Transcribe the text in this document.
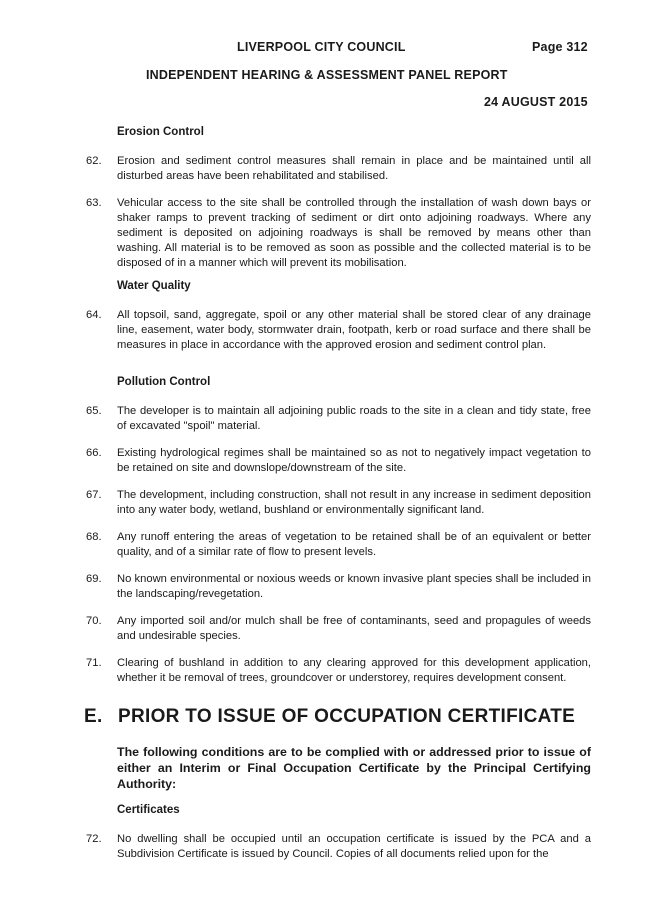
LIVERPOOL CITY COUNCIL	Page 312
INDEPENDENT HEARING & ASSESSMENT PANEL REPORT
24 AUGUST 2015
Erosion Control
62.	Erosion and sediment control measures shall remain in place and be maintained until all disturbed areas have been rehabilitated and stabilised.
63.	Vehicular access to the site shall be controlled through the installation of wash down bays or shaker ramps to prevent tracking of sediment or dirt onto adjoining roadways. Where any sediment is deposited on adjoining roadways is shall be removed by means other than washing. All material is to be removed as soon as possible and the collected material is to be disposed of in a manner which will prevent its mobilisation.
Water Quality
64.	All topsoil, sand, aggregate, spoil or any other material shall be stored clear of any drainage line, easement, water body, stormwater drain, footpath, kerb or road surface and there shall be measures in place in accordance with the approved erosion and sediment control plan.
Pollution Control
65.	The developer is to maintain all adjoining public roads to the site in a clean and tidy state, free of excavated "spoil" material.
66.	Existing hydrological regimes shall be maintained so as not to negatively impact vegetation to be retained on site and downslope/downstream of the site.
67.	The development, including construction, shall not result in any increase in sediment deposition into any water body, wetland, bushland or environmentally significant land.
68.	Any runoff entering the areas of vegetation to be retained shall be of an equivalent or better quality, and of a similar rate of flow to present levels.
69.	No known environmental or noxious weeds or known invasive plant species shall be included in the landscaping/revegetation.
70.	Any imported soil and/or mulch shall be free of contaminants, seed and propagules of weeds and undesirable species.
71.	Clearing of bushland in addition to any clearing approved for this development application, whether it be removal of trees, groundcover or understorey, requires development consent.
E. PRIOR TO ISSUE OF OCCUPATION CERTIFICATE
The following conditions are to be complied with or addressed prior to issue of either an Interim or Final Occupation Certificate by the Principal Certifying Authority:
Certificates
72.	No dwelling shall be occupied until an occupation certificate is issued by the PCA and a Subdivision Certificate is issued by Council. Copies of all documents relied upon for the
